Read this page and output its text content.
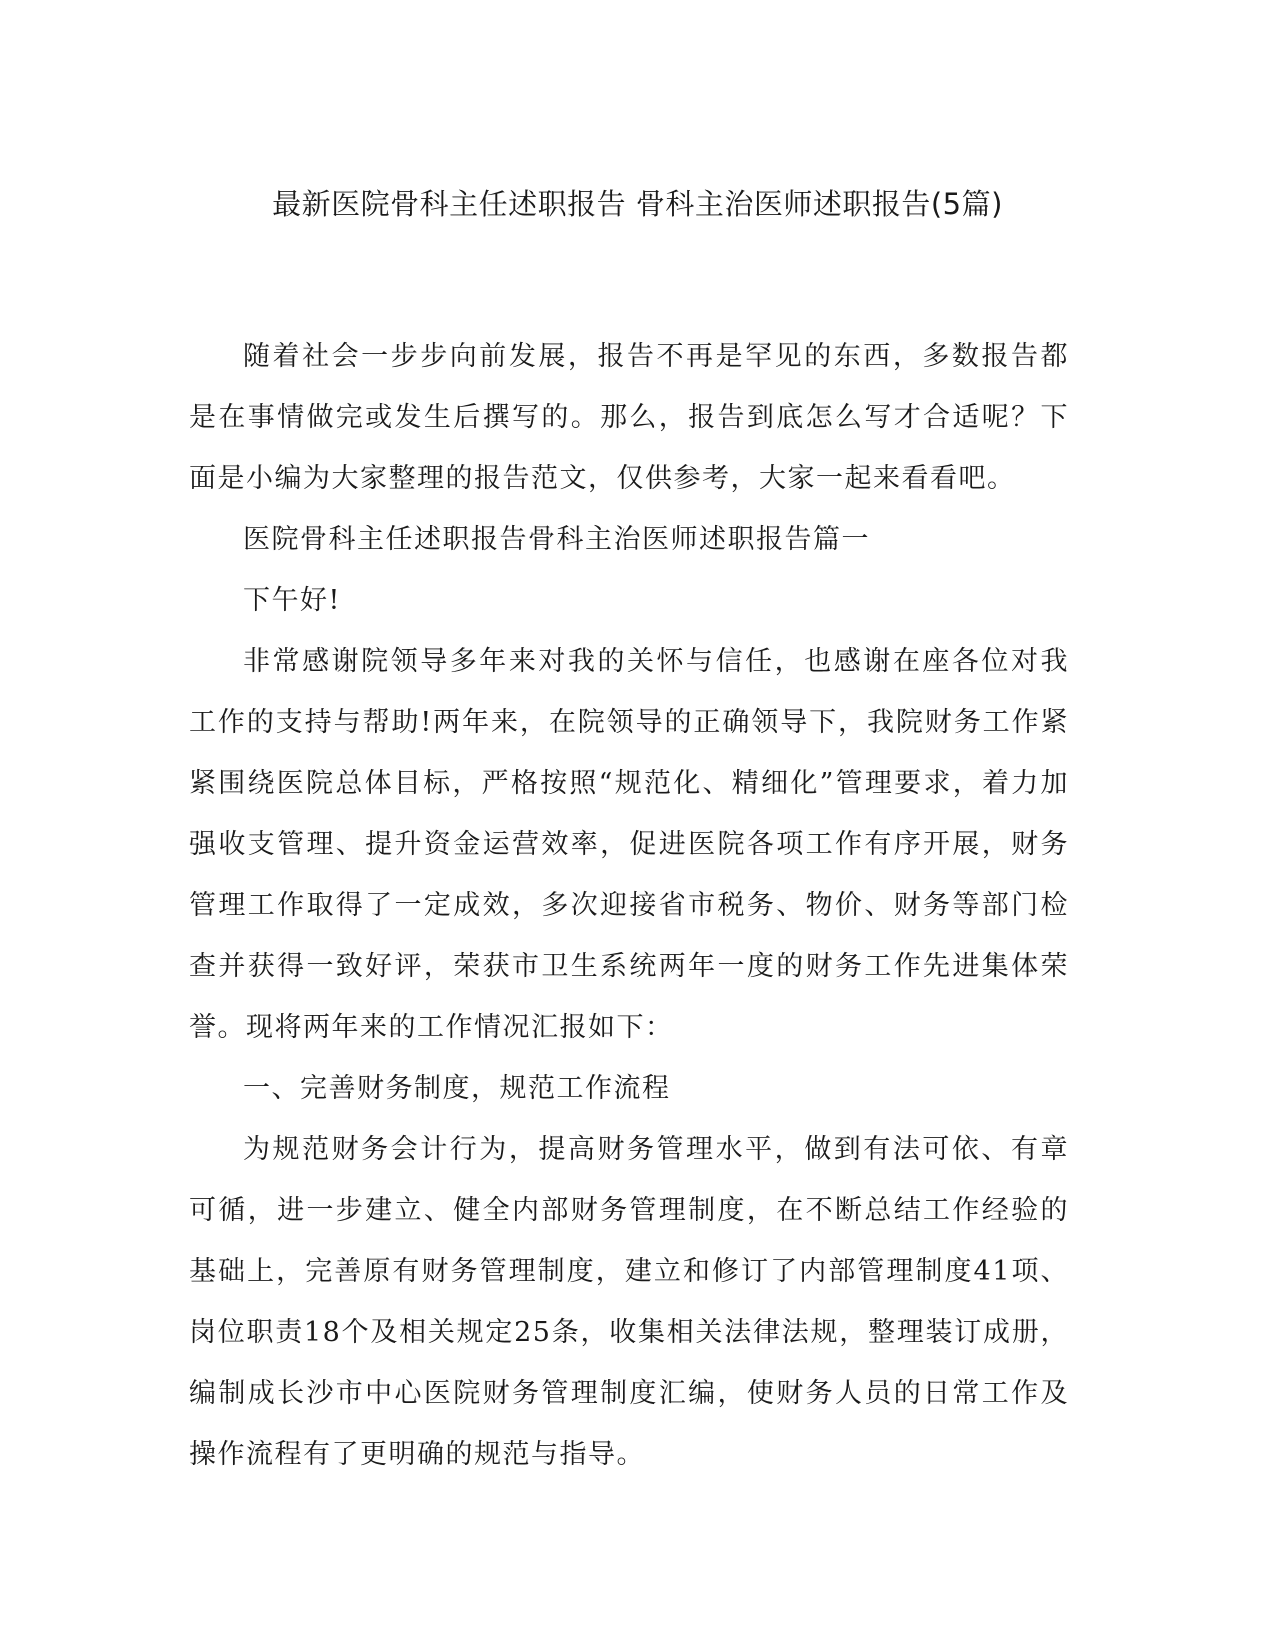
最新医院骨科主任述职报告 骨科主治医师述职报告(5篇)

随着社会一步步向前发展，报告不再是罕见的东西，多数报告都是在事情做完或发生后撰写的。那么，报告到底怎么写才合适呢？下面是小编为大家整理的报告范文，仅供参考，大家一起来看看吧。

医院骨科主任述职报告骨科主治医师述职报告篇一

下午好!

非常感谢院领导多年来对我的关怀与信任，也感谢在座各位对我工作的支持与帮助!两年来，在院领导的正确领导下，我院财务工作紧紧围绕医院总体目标，严格按照“规范化、精细化”管理要求，着力加强收支管理、提升资金运营效率，促进医院各项工作有序开展，财务管理工作取得了一定成效，多次迎接省市税务、物价、财务等部门检查并获得一致好评，荣获市卫生系统两年一度的财务工作先进集体荣誉。现将两年来的工作情况汇报如下：

一、完善财务制度，规范工作流程

为规范财务会计行为，提高财务管理水平，做到有法可依、有章可循，进一步建立、健全内部财务管理制度，在不断总结工作经验的基础上，完善原有财务管理制度，建立和修订了内部管理制度41项、岗位职责18个及相关规定25条，收集相关法律法规，整理装订成册，编制成长沙市中心医院财务管理制度汇编，使财务人员的日常工作及操作流程有了更明确的规范与指导。
